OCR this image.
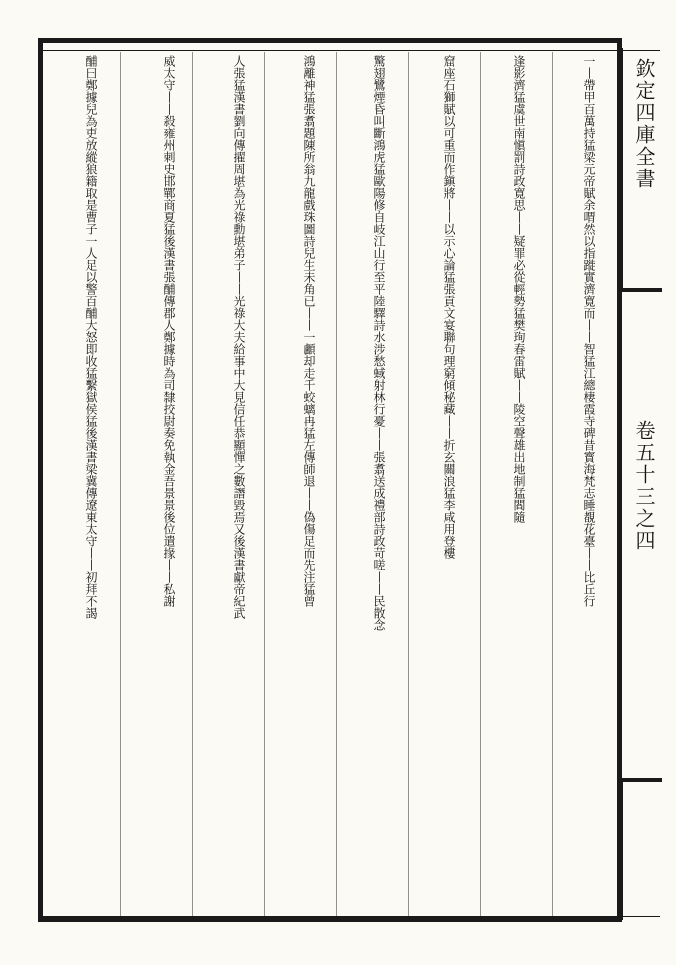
欽定四庫全書
卷五十三之四
一丨帶甲百萬持猛梁元帝賦余喟然以指蹝實濟寛而丨丨智猛江總棲霞寺碑昔寳海梵志睡覩花臺丨丨比丘行
逢影濟猛虞世南愼罰詩政寛思丨丨疑罪必從輕勢猛樊珣春雷賦丨丨陵空聲雄出地制猛閻隨
窟座石獅賦以可重而作鎭將丨丨以示心論猛張貢文宴聯句理窮傾秘藏丨丨折玄關浪猛李咸用登樓
驚翅鷺煙昏叫斷鴻虎猛歐陽修自岐江山行至平陸驛詩水涉愁蜮射林行憂丨丨張翥送成禮部詩政苛嗟丨丨民散念
鴻離神猛張翥題陳所翁九龍戲珠圖詩兒生未角已丨丨一顱却走千蛟螭冉猛左傳師退丨丨偽傷足而先注猛曾
人張猛漢書劉向傳擢周堪為光祿勳堪弟子丨丨光祿大夫給事中大見信任恭顯憚之數譖毀焉又後漢書獻帝紀武
威太守丨丨殺雍州刺史邯鄲商夏猛後漢書張酺傳郡人鄭據時為司隸挍尉奏免執金吾景景後位遣掾丨丨私謝
酺曰鄭據兒為吏放縱狼籍取是曹子一人足以警百酺大怒即收猛繫獄侯猛後漢書梁冀傳遼東太守丨丨初拜不謁
